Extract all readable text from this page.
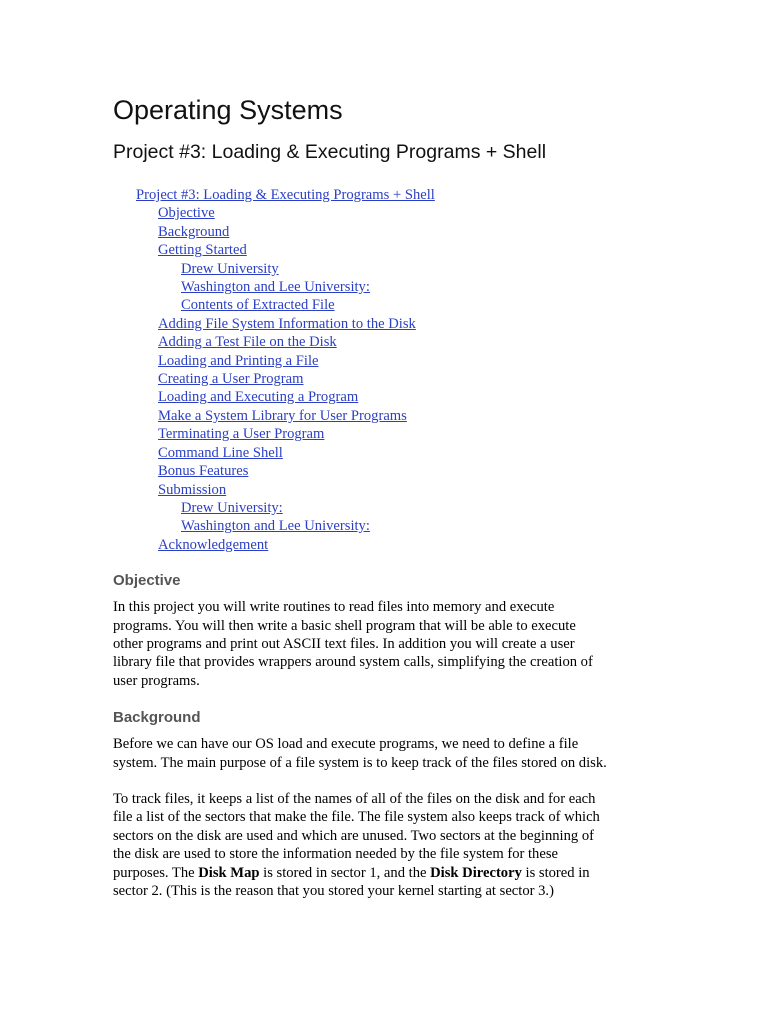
Operating Systems
Project #3: Loading & Executing Programs + Shell
Project #3: Loading & Executing Programs + Shell
Objective
Background
Getting Started
Drew University
Washington and Lee University:
Contents of Extracted File
Adding File System Information to the Disk
Adding a Test File on the Disk
Loading and Printing a File
Creating a User Program
Loading and Executing a Program
Make a System Library for User Programs
Terminating a User Program
Command Line Shell
Bonus Features
Submission
Drew University:
Washington and Lee University:
Acknowledgement
Objective

In this project you will write routines to read files into memory and execute
programs. You will then write a basic shell program that will be able to execute
other programs and print out ASCII text files. In addition you will create a user
library file that provides wrappers around system calls, simplifying the creation of
user programs.

Background

Before we can have our OS load and execute programs, we need to define a file
system. The main purpose of a file system is to keep track of the files stored on disk.

To track files, it keeps a list of the names of all of the files on the disk and for each
file a list of the sectors that make the file. The file system also keeps track of which
sectors on the disk are used and which are unused. Two sectors at the beginning of
the disk are used to store the information needed by the file system for these
purposes. The Disk Map is stored in sector 1, and the Disk Directory is stored in
sector 2. (This is the reason that you stored your kernel starting at sector 3.)
